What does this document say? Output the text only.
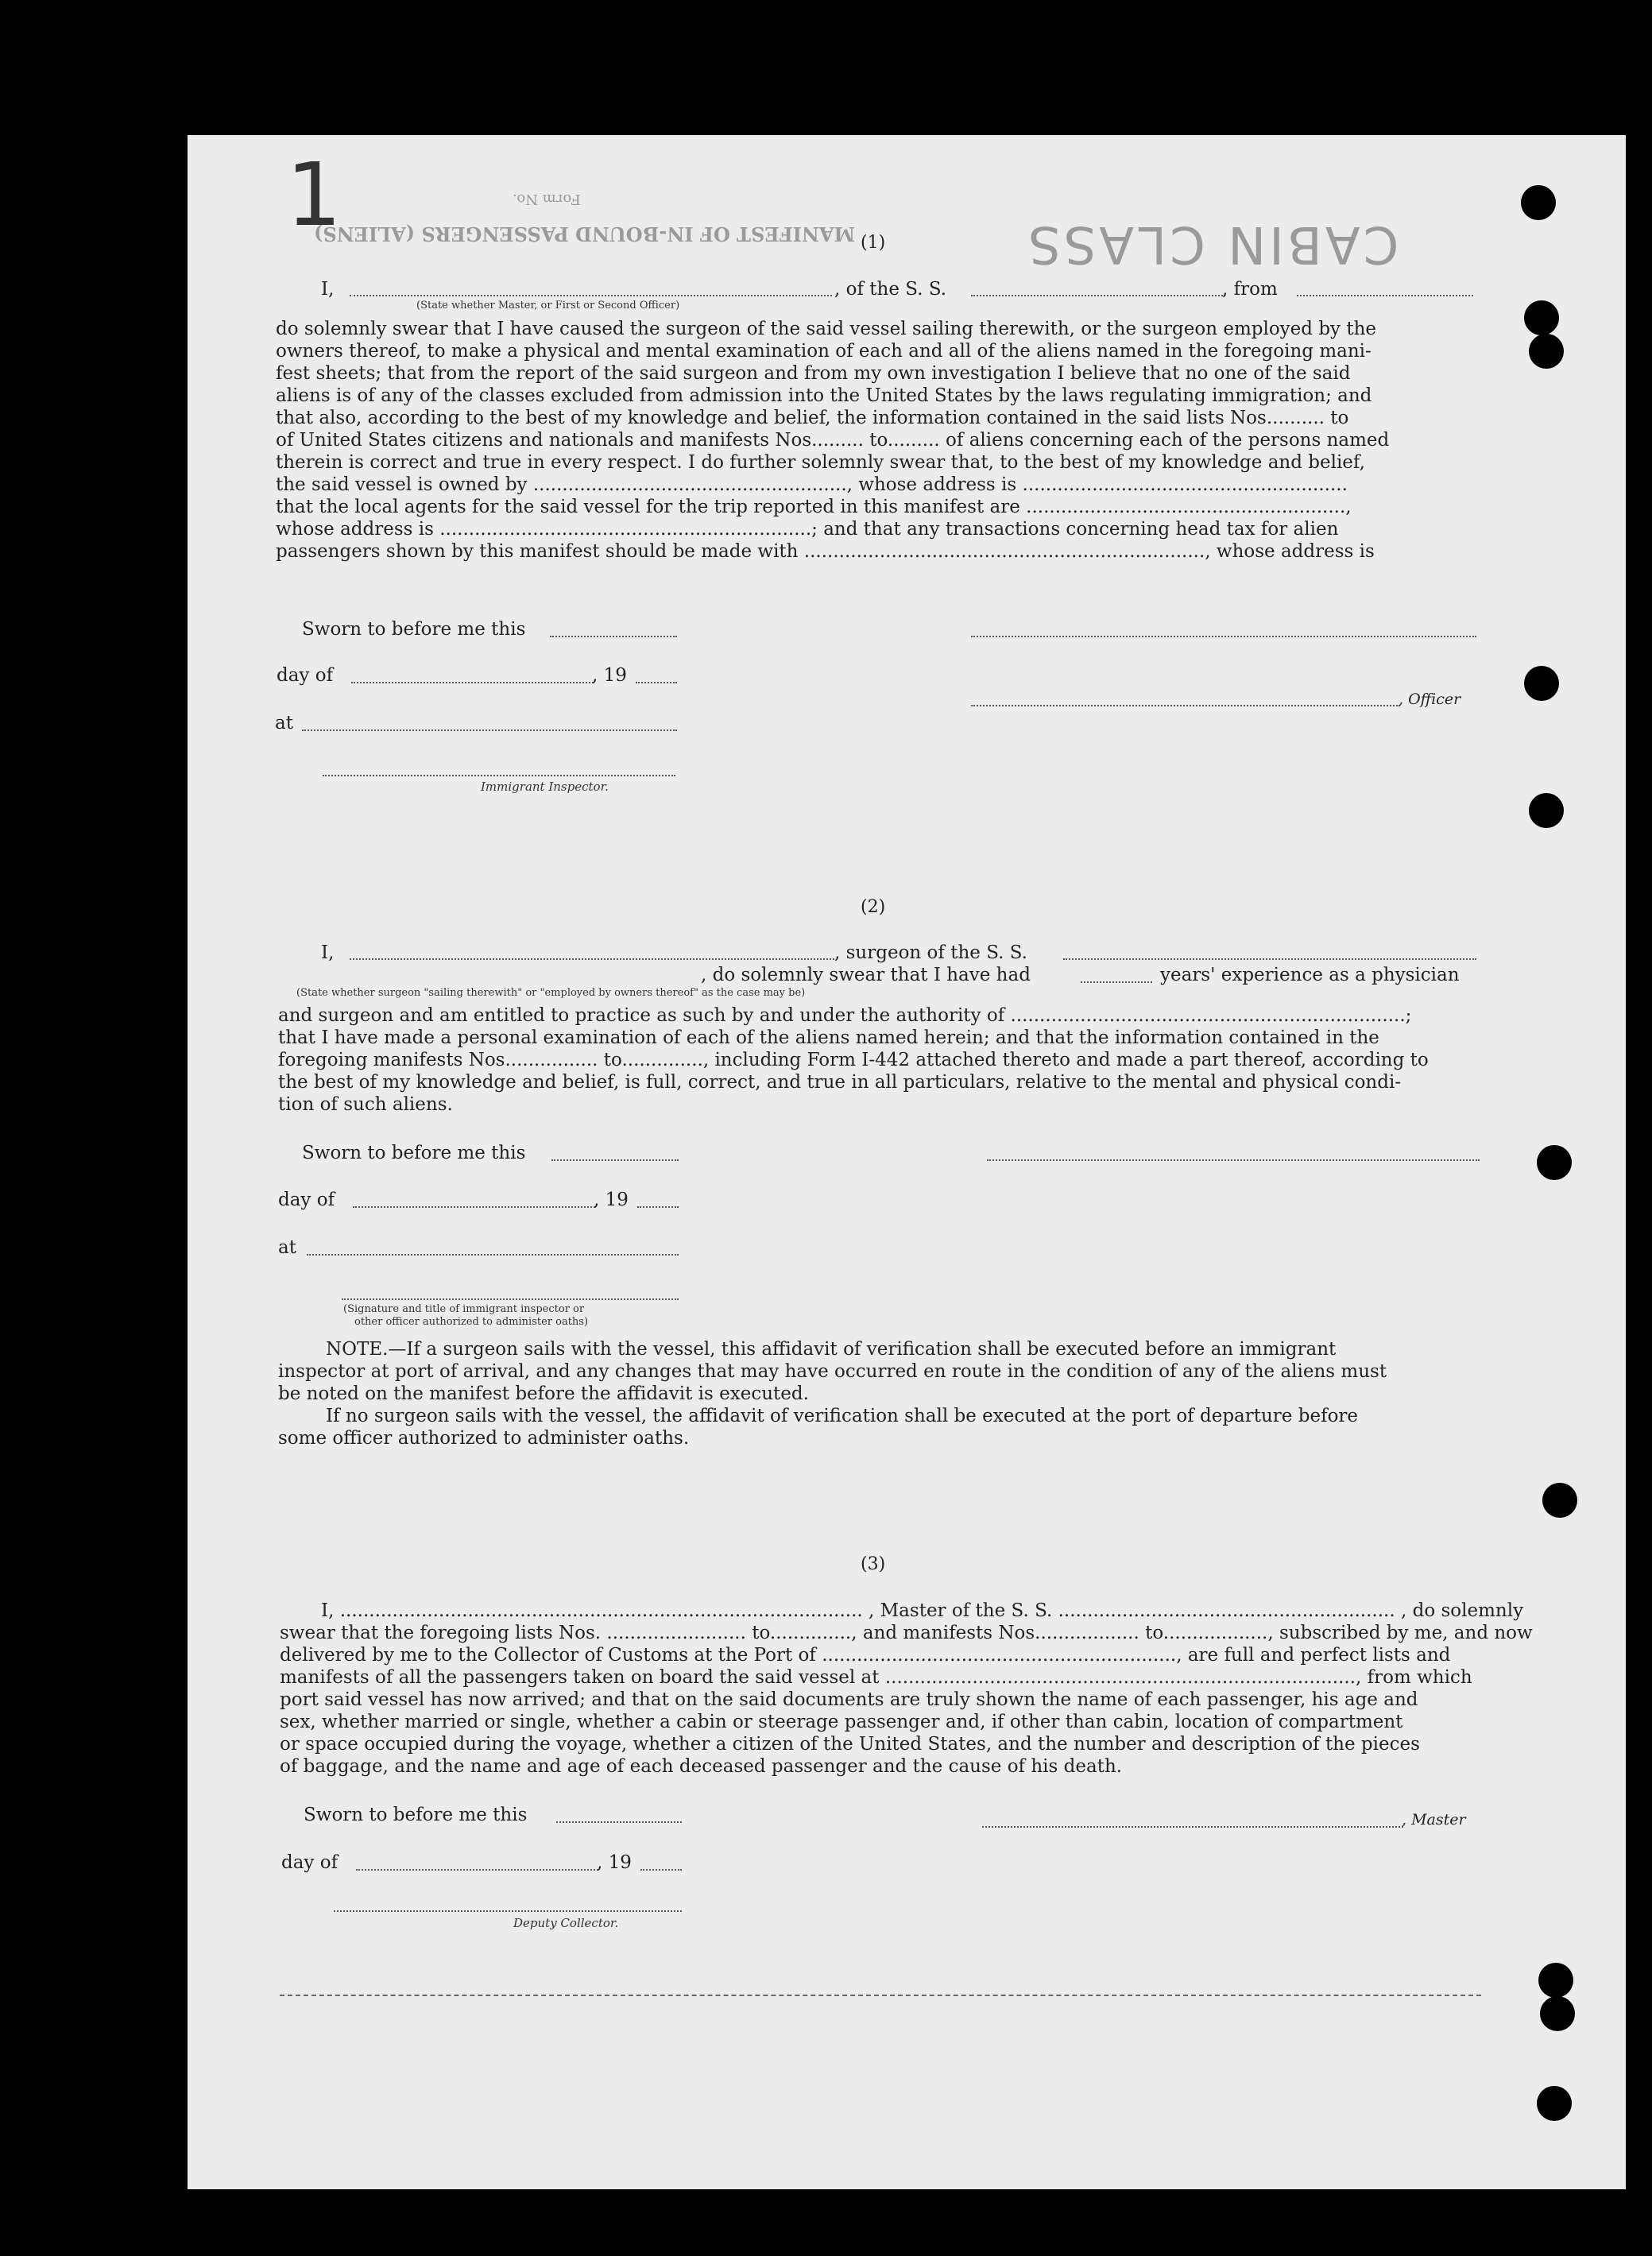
CABIN CLASS
MANIFEST OF IN-BOUND PASSENGERS (ALIENS)
Form No.
1	(1)
I,	, of the S. S.	, from
(State whether Master, or First or Second Officer)
do solemnly swear that I have caused the surgeon of the said vessel sailing therewith, or the surgeon employed by the
owners thereof, to make a physical and mental examination of each and all of the aliens named in the foregoing mani-
fest sheets; that from the report of the said surgeon and from my own investigation I believe that no one of the said
aliens is of any of the classes excluded from admission into the United States by the laws regulating immigration; and
that also, according to the best of my knowledge and belief, the information contained in the said lists Nos.......... to
of United States citizens and nationals and manifests Nos......... to......... of aliens concerning each of the persons named
therein is correct and true in every respect. I do further solemnly swear that, to the best of my knowledge and belief,
the said vessel is owned by ......................................................, whose address is ........................................................
that the local agents for the said vessel for the trip reported in this manifest are .......................................................,
whose address is ................................................................; and that any transactions concerning head tax for alien
passengers shown by this manifest should be made with ....................................................................., whose address is
Sworn to before me this
day of	, 19
, Officer
at
Immigrant Inspector.
(2)
I,	, surgeon of the S. S.
, do solemnly swear that I have had	years' experience as a physician
(State whether surgeon "sailing therewith" or "employed by owners thereof" as the case may be)
and surgeon and am entitled to practice as such by and under the authority of ....................................................................;
that I have made a personal examination of each of the aliens named herein; and that the information contained in the
foregoing manifests Nos................ to.............., including Form I-442 attached thereto and made a part thereof, according to
the best of my knowledge and belief, is full, correct, and true in all particulars, relative to the mental and physical condi-
tion of such aliens.
Sworn to before me this
day of	, 19
at
(Signature and title of immigrant inspector or
other officer authorized to administer oaths)
NOTE.—If a surgeon sails with the vessel, this affidavit of verification shall be executed before an immigrant
inspector at port of arrival, and any changes that may have occurred en route in the condition of any of the aliens must
be noted on the manifest before the affidavit is executed.
If no surgeon sails with the vessel, the affidavit of verification shall be executed at the port of departure before
some officer authorized to administer oaths.
(3)
I, .......................................................................................... , Master of the S. S. .......................................................... , do solemnly
swear that the foregoing lists Nos. ........................ to.............., and manifests Nos.................. to.................., subscribed by me, and now
delivered by me to the Collector of Customs at the Port of ............................................................., are full and perfect lists and
manifests of all the passengers taken on board the said vessel at ................................................................................., from which
port said vessel has now arrived; and that on the said documents are truly shown the name of each passenger, his age and
sex, whether married or single, whether a cabin or steerage passenger and, if other than cabin, location of compartment
or space occupied during the voyage, whether a citizen of the United States, and the number and description of the pieces
of baggage, and the name and age of each deceased passenger and the cause of his death.
Sworn to before me this	, Master
day of	, 19
Deputy Collector.
